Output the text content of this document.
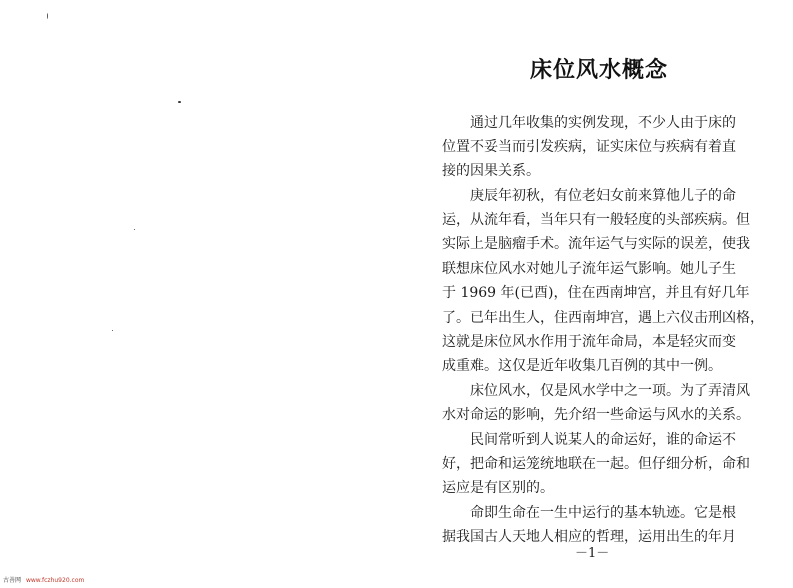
床位风水概念
通过几年收集的实例发现，不少人由于床的
位置不妥当而引发疾病，证实床位与疾病有着直
接的因果关系。
庚辰年初秋，有位老妇女前来算他儿子的命
运，从流年看，当年只有一般轻度的头部疾病。但
实际上是脑瘤手术。流年运气与实际的误差，使我
联想床位风水对她儿子流年运气影响。她儿子生
于 1969 年(已酉)，住在西南坤宫，并且有好几年
了。已年出生人，住西南坤宫，遇上六仪击刑凶格，
这就是床位风水作用于流年命局，本是轻灾而变
成重难。这仅是近年收集几百例的其中一例。
床位风水，仅是风水学中之一项。为了弄清风
水对命运的影响，先介绍一些命运与风水的关系。
民间常听到人说某人的命运好，谁的命运不
好，把命和运笼统地联在一起。但仔细分析，命和
运应是有区别的。
命即生命在一生中运行的基本轨迹。它是根
据我国古人天地人相应的哲理，运用出生的年月
－1－
古善网 www.fczhu920.com
